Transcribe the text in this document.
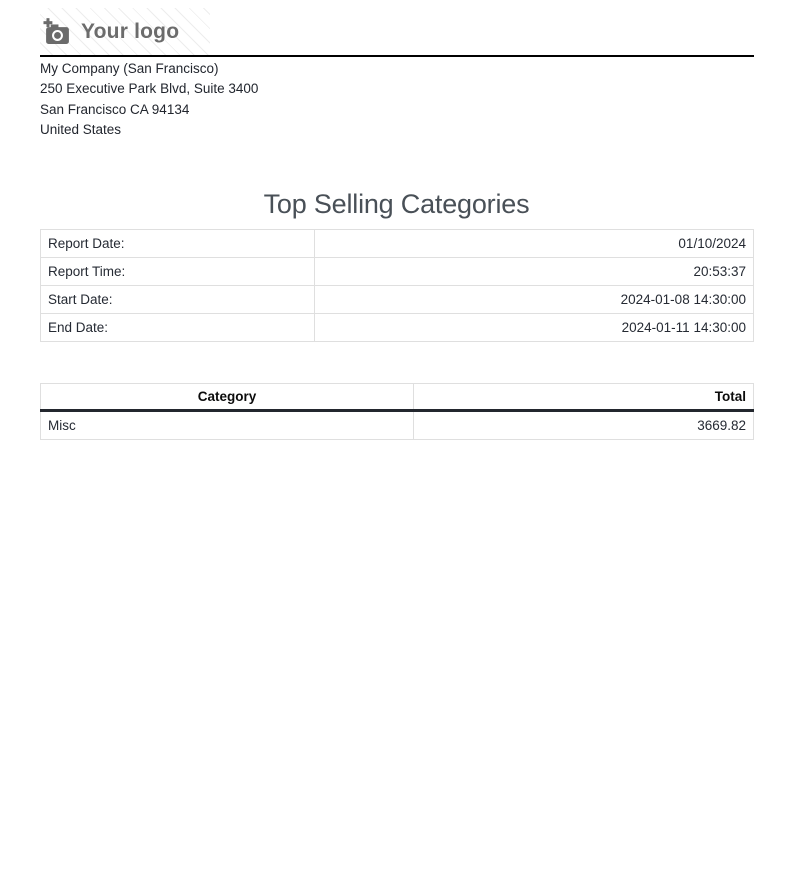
Your logo
My Company (San Francisco)
250 Executive Park Blvd, Suite 3400
San Francisco CA 94134
United States
Top Selling Categories
Report Date:	01/10/2024
Report Time:	20:53:37
Start Date:	2024-01-08 14:30:00
End Date:	2024-01-11 14:30:00
Category	Total
Misc	3669.82
